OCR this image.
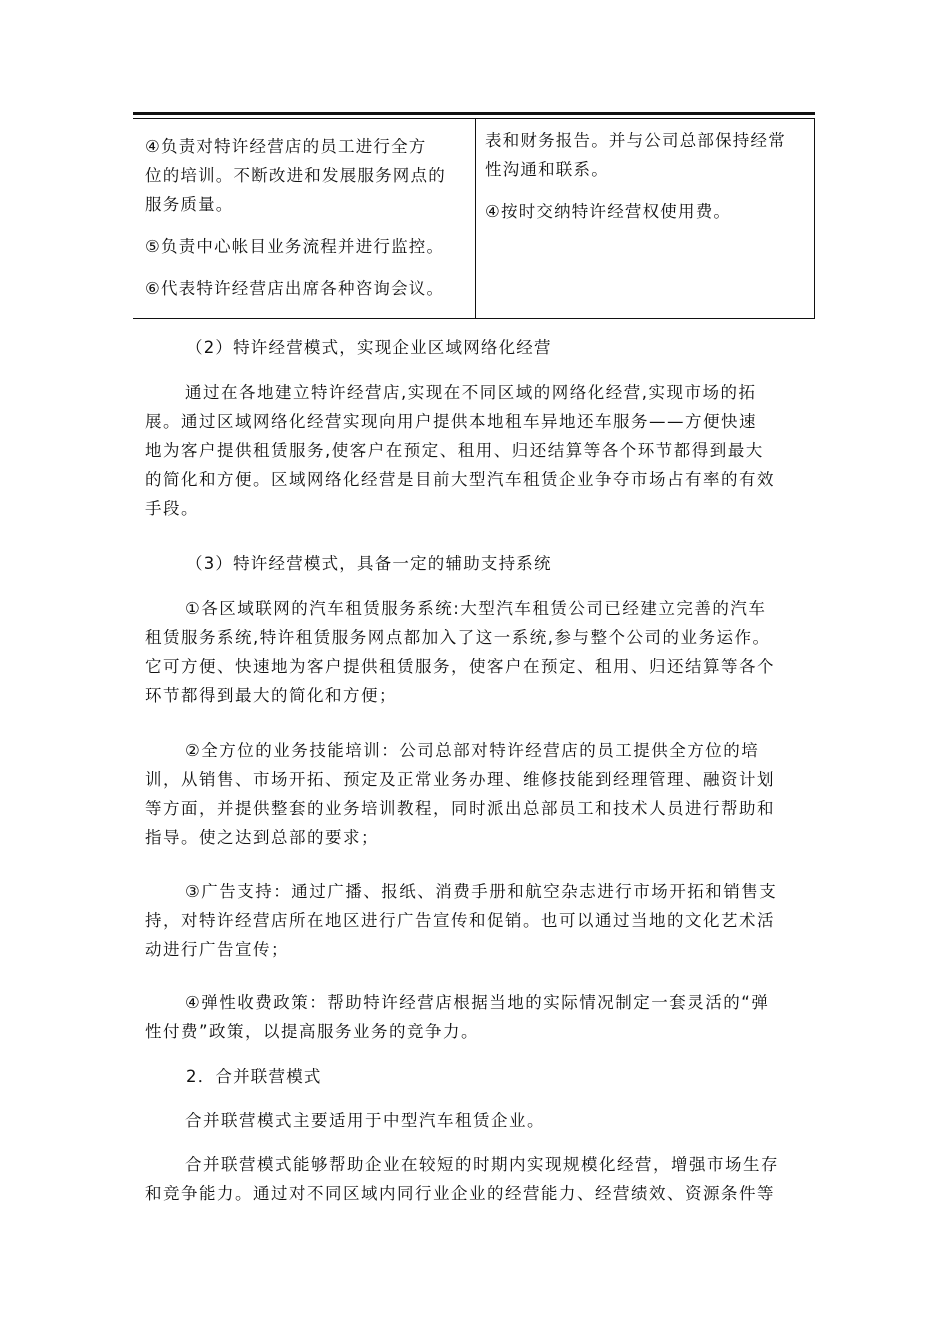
④负责对特许经营店的员工进行全方
位的培训。不断改进和发展服务网点的
服务质量。
⑤负责中心帐目业务流程并进行监控。
⑥代表特许经营店出席各种咨询会议。
表和财务报告。并与公司总部保持经常
性沟通和联系。
④按时交纳特许经营权使用费。
（2）特许经营模式，实现企业区域网络化经营
通过在各地建立特许经营店,实现在不同区域的网络化经营,实现市场的拓
展。通过区域网络化经营实现向用户提供本地租车异地还车服务——方便快速
地为客户提供租赁服务,使客户在预定、租用、归还结算等各个环节都得到最大
的简化和方便。区域网络化经营是目前大型汽车租赁企业争夺市场占有率的有效
手段。
（3）特许经营模式，具备一定的辅助支持系统
①各区域联网的汽车租赁服务系统:大型汽车租赁公司已经建立完善的汽车
租赁服务系统,特许租赁服务网点都加入了这一系统,参与整个公司的业务运作。
它可方便、快速地为客户提供租赁服务，使客户在预定、租用、归还结算等各个
环节都得到最大的简化和方便；
②全方位的业务技能培训：公司总部对特许经营店的员工提供全方位的培
训，从销售、市场开拓、预定及正常业务办理、维修技能到经理管理、融资计划
等方面，并提供整套的业务培训教程，同时派出总部员工和技术人员进行帮助和
指导。使之达到总部的要求；
③广告支持：通过广播、报纸、消费手册和航空杂志进行市场开拓和销售支
持，对特许经营店所在地区进行广告宣传和促销。也可以通过当地的文化艺术活
动进行广告宣传；
④弹性收费政策：帮助特许经营店根据当地的实际情况制定一套灵活的“弹
性付费”政策，以提高服务业务的竞争力。
2．合并联营模式
合并联营模式主要适用于中型汽车租赁企业。
合并联营模式能够帮助企业在较短的时期内实现规模化经营，增强市场生存
和竞争能力。通过对不同区域内同行业企业的经营能力、经营绩效、资源条件等
